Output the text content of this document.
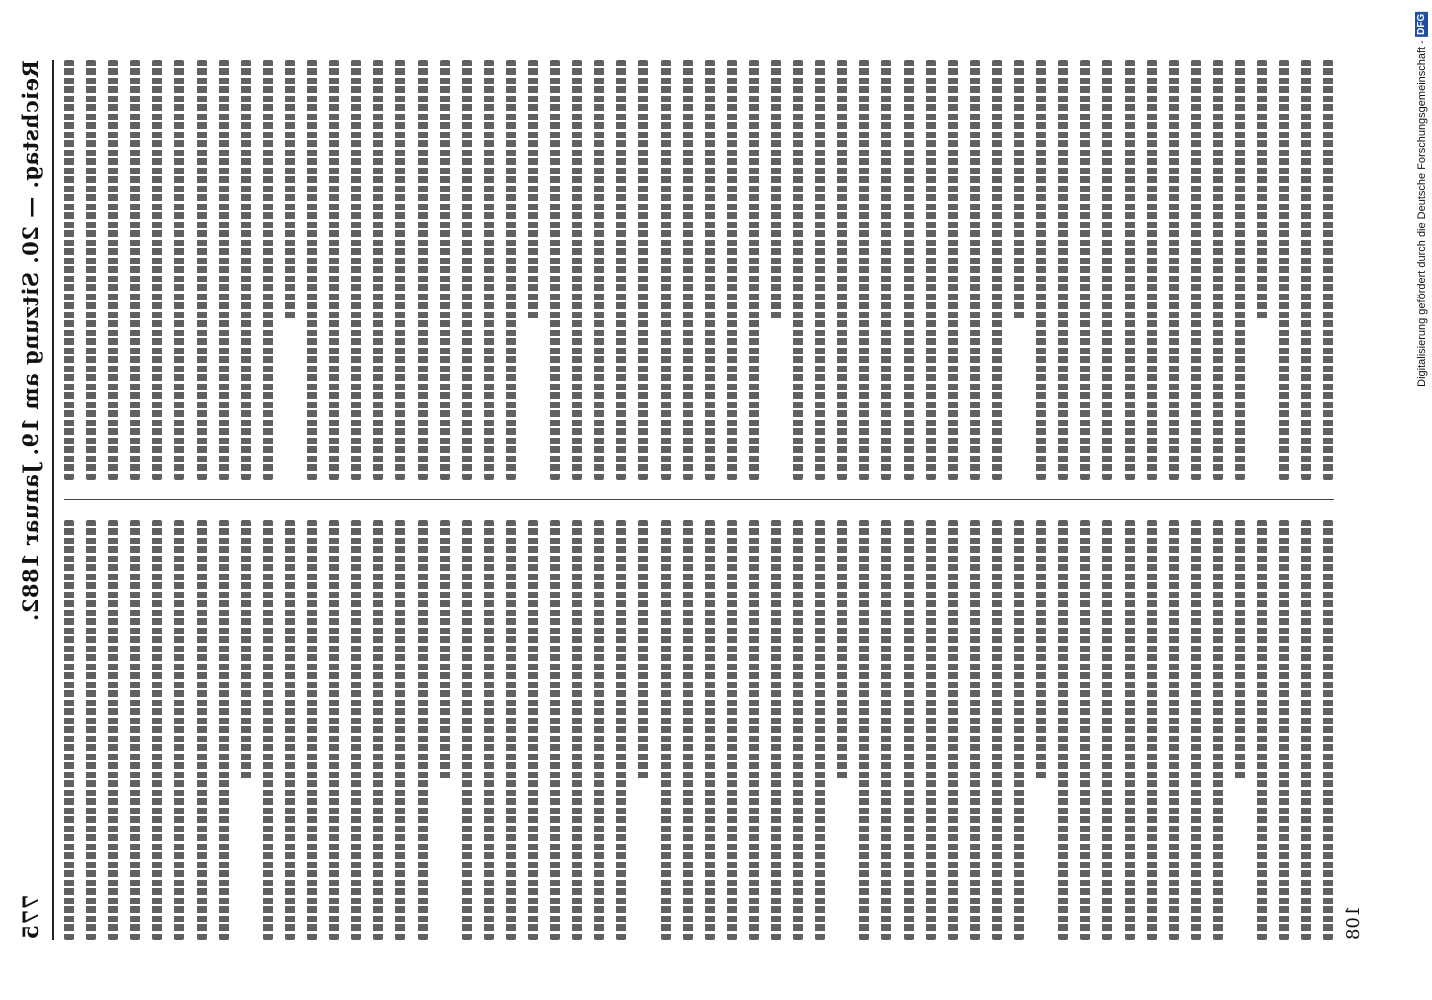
Reichstag. — 20. Sitzung am 19. Januar 1882.
775	108
Digitalisierung gefördert durch die Deutsche Forschungsgemeinschaft - DFG
